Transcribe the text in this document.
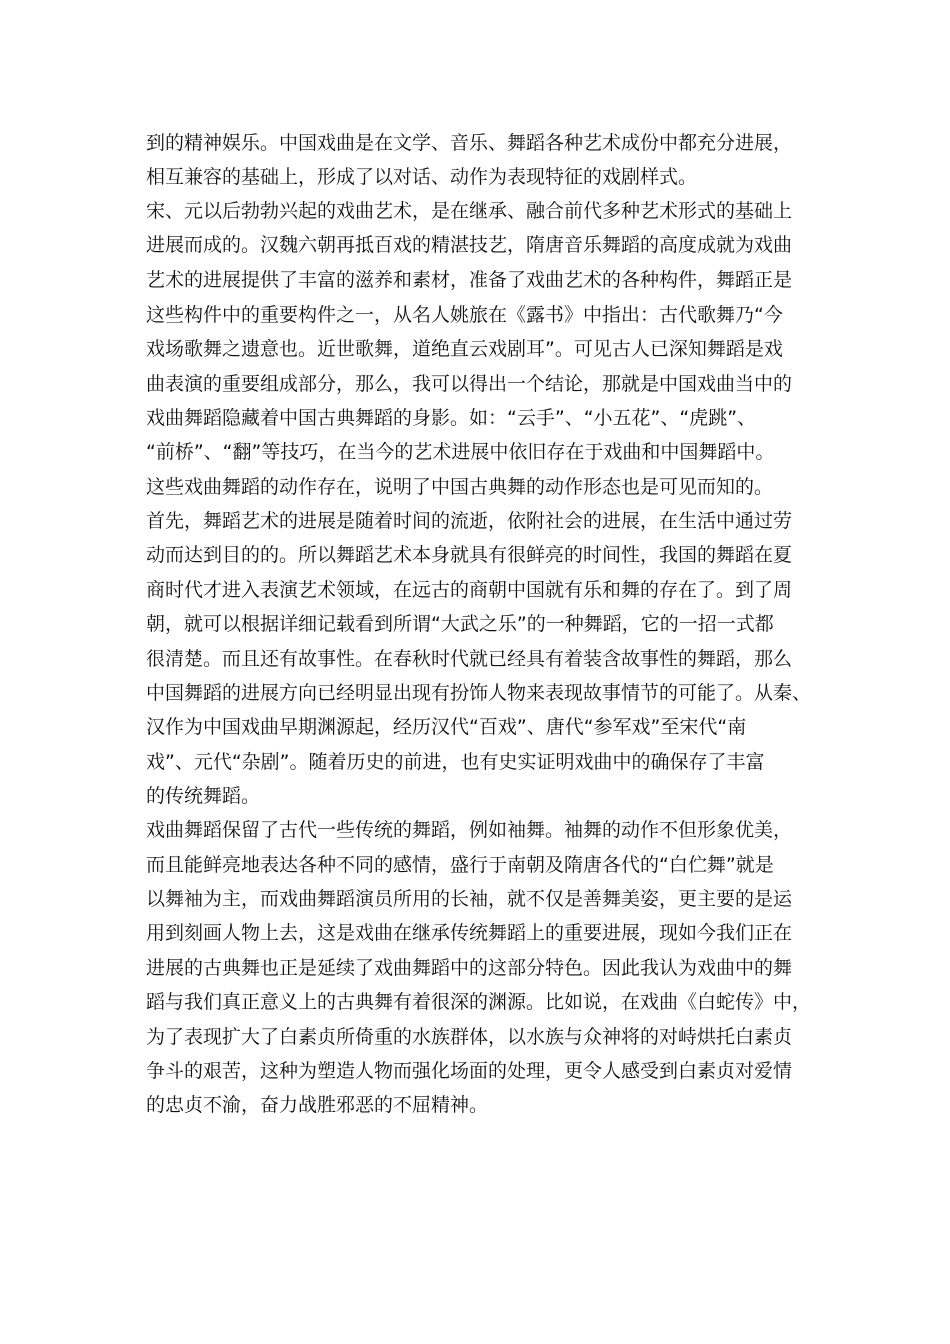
到的精神娱乐。中国戏曲是在文学、音乐、舞蹈各种艺术成份中都充分进展，
相互兼容的基础上，形成了以对话、动作为表现特征的戏剧样式。
宋、元以后勃勃兴起的戏曲艺术，是在继承、融合前代多种艺术形式的基础上
进展而成的。汉魏六朝再抵百戏的精湛技艺，隋唐音乐舞蹈的高度成就为戏曲
艺术的进展提供了丰富的滋养和素材，准备了戏曲艺术的各种构件，舞蹈正是
这些构件中的重要构件之一，从名人姚旅在《露书》中指出：古代歌舞乃“今
戏场歌舞之遗意也。近世歌舞，道绝直云戏剧耳”。可见古人已深知舞蹈是戏
曲表演的重要组成部分，那么，我可以得出一个结论，那就是中国戏曲当中的
戏曲舞蹈隐藏着中国古典舞蹈的身影。如：“云手”、“小五花”、“虎跳”、
“前桥”、“翻”等技巧，在当今的艺术进展中依旧存在于戏曲和中国舞蹈中。
这些戏曲舞蹈的动作存在，说明了中国古典舞的动作形态也是可见而知的。
首先，舞蹈艺术的进展是随着时间的流逝，依附社会的进展，在生活中通过劳
动而达到目的的。所以舞蹈艺术本身就具有很鲜亮的时间性，我国的舞蹈在夏
商时代才进入表演艺术领域，在远古的商朝中国就有乐和舞的存在了。到了周
朝，就可以根据详细记载看到所谓“大武之乐”的一种舞蹈，它的一招一式都
很清楚。而且还有故事性。在春秋时代就已经具有着装含故事性的舞蹈，那么
中国舞蹈的进展方向已经明显出现有扮饰人物来表现故事情节的可能了。从秦、
汉作为中国戏曲早期渊源起，经历汉代“百戏”、唐代“参军戏”至宋代“南
戏”、元代“杂剧”。随着历史的前进，也有史实证明戏曲中的确保存了丰富
的传统舞蹈。
戏曲舞蹈保留了古代一些传统的舞蹈，例如袖舞。袖舞的动作不但形象优美，
而且能鲜亮地表达各种不同的感情，盛行于南朝及隋唐各代的“白伫舞”就是
以舞袖为主，而戏曲舞蹈演员所用的长袖，就不仅是善舞美姿，更主要的是运
用到刻画人物上去，这是戏曲在继承传统舞蹈上的重要进展，现如今我们正在
进展的古典舞也正是延续了戏曲舞蹈中的这部分特色。因此我认为戏曲中的舞
蹈与我们真正意义上的古典舞有着很深的渊源。比如说，在戏曲《白蛇传》中，
为了表现扩大了白素贞所倚重的水族群体，以水族与众神将的对峙烘托白素贞
争斗的艰苦，这种为塑造人物而强化场面的处理，更令人感受到白素贞对爱情
的忠贞不渝，奋力战胜邪恶的不屈精神。
